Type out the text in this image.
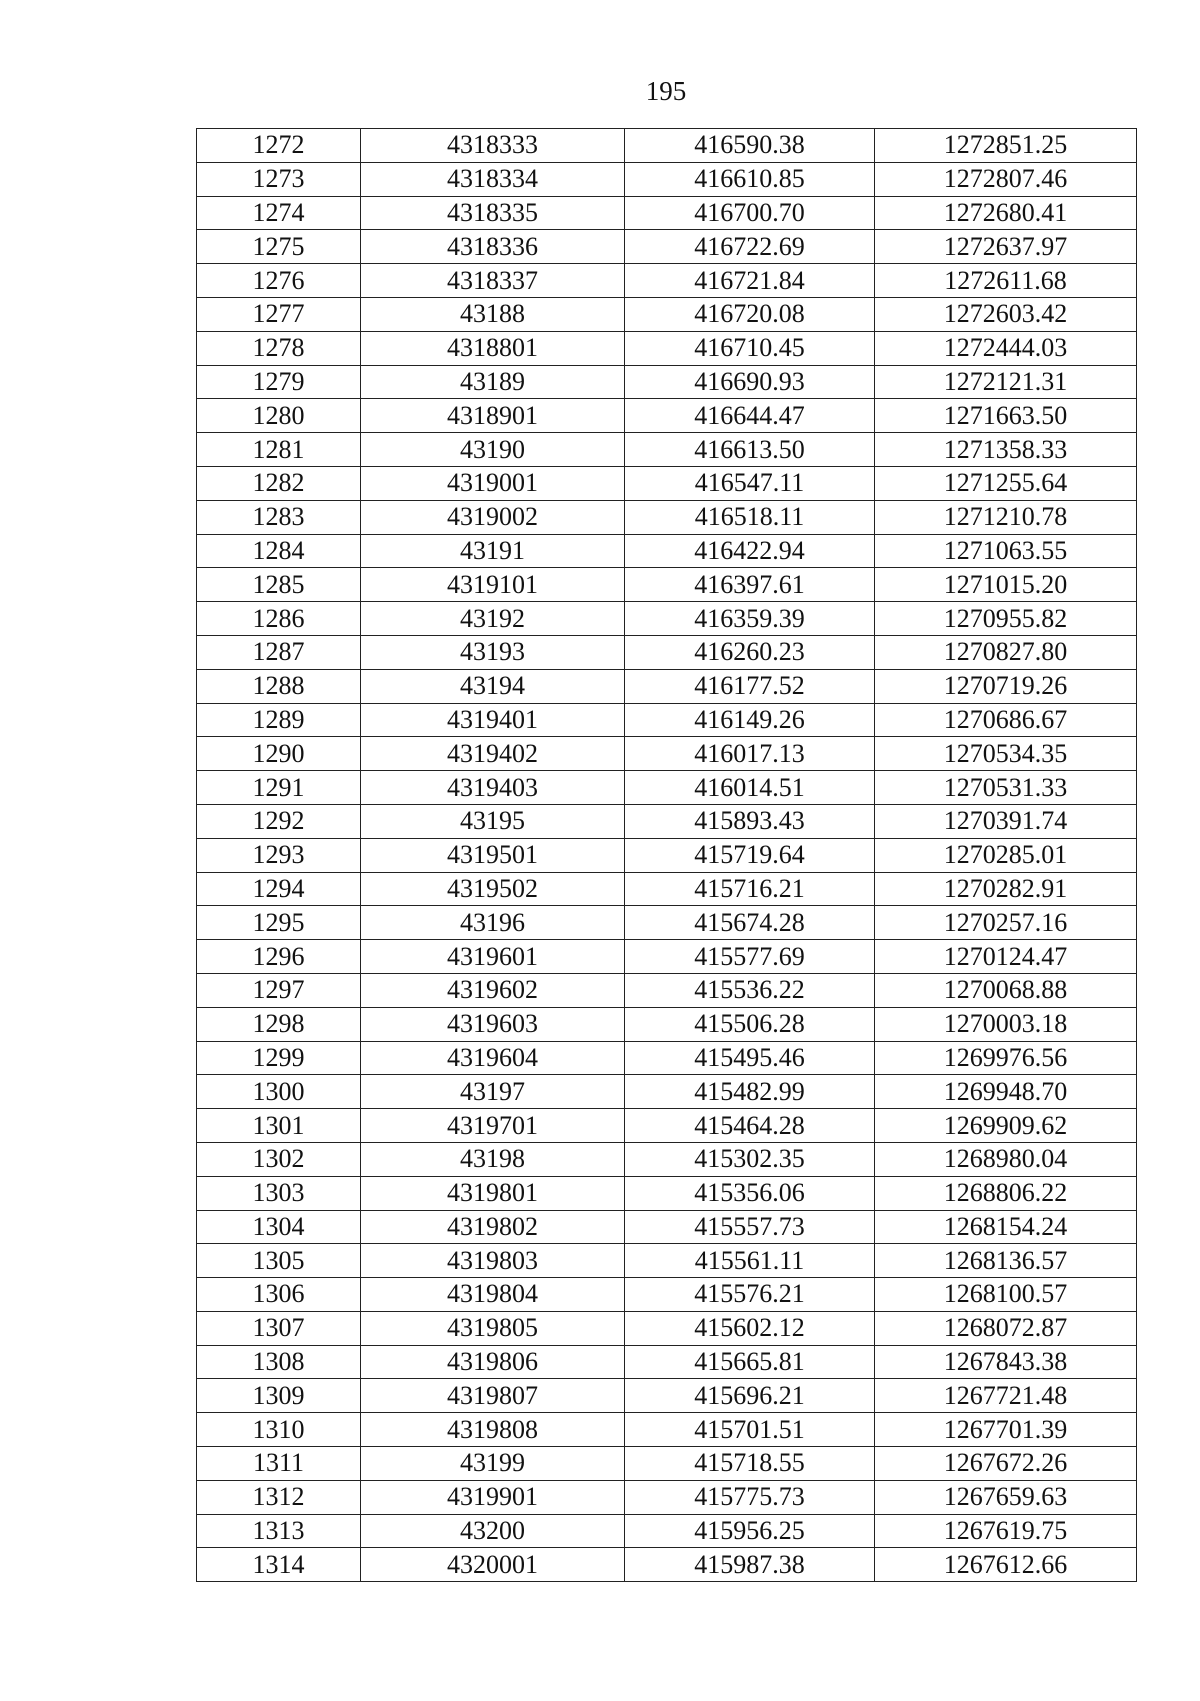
195
1272	4318333	416590.38	1272851.25
1273	4318334	416610.85	1272807.46
1274	4318335	416700.70	1272680.41
1275	4318336	416722.69	1272637.97
1276	4318337	416721.84	1272611.68
1277	43188	416720.08	1272603.42
1278	4318801	416710.45	1272444.03
1279	43189	416690.93	1272121.31
1280	4318901	416644.47	1271663.50
1281	43190	416613.50	1271358.33
1282	4319001	416547.11	1271255.64
1283	4319002	416518.11	1271210.78
1284	43191	416422.94	1271063.55
1285	4319101	416397.61	1271015.20
1286	43192	416359.39	1270955.82
1287	43193	416260.23	1270827.80
1288	43194	416177.52	1270719.26
1289	4319401	416149.26	1270686.67
1290	4319402	416017.13	1270534.35
1291	4319403	416014.51	1270531.33
1292	43195	415893.43	1270391.74
1293	4319501	415719.64	1270285.01
1294	4319502	415716.21	1270282.91
1295	43196	415674.28	1270257.16
1296	4319601	415577.69	1270124.47
1297	4319602	415536.22	1270068.88
1298	4319603	415506.28	1270003.18
1299	4319604	415495.46	1269976.56
1300	43197	415482.99	1269948.70
1301	4319701	415464.28	1269909.62
1302	43198	415302.35	1268980.04
1303	4319801	415356.06	1268806.22
1304	4319802	415557.73	1268154.24
1305	4319803	415561.11	1268136.57
1306	4319804	415576.21	1268100.57
1307	4319805	415602.12	1268072.87
1308	4319806	415665.81	1267843.38
1309	4319807	415696.21	1267721.48
1310	4319808	415701.51	1267701.39
1311	43199	415718.55	1267672.26
1312	4319901	415775.73	1267659.63
1313	43200	415956.25	1267619.75
1314	4320001	415987.38	1267612.66
